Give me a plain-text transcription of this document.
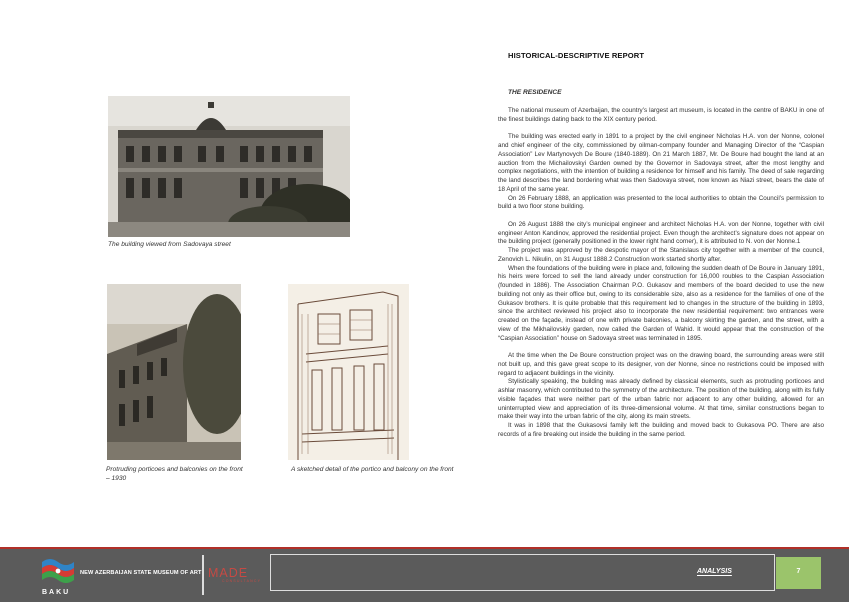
The building viewed from Sadovaya street

Protruding porticoes and balconies on the front – 1930

A sketched detail of the portico and balcony on the front

HISTORICAL-DESCRIPTIVE REPORT
THE RESIDENCE

The national museum of Azerbaijan, the country’s largest art museum, is located in the centre of BAKU in one of the finest buildings dating back to the XIX century period.

The building was erected early in 1891 to a project by the civil engineer Nicholas H.A. von der Nonne, colonel and chief engineer of the city, commissioned by oilman-company founder and Managing Director of the “Caspian Association” Lev Martynovych De Boure (1840-1889). On 21 March 1887, Mr. De Boure had bought the land at an auction from the Michailovskyi Garden owned by the Governor in Sadovaya street, after the most lengthy and complex negotiations, with the intention of building a residence for himself and his family. The deed of sale regarding the land describes the land bordering what was then Sadovaya street, now known as Niazi street, bears the date of 18 April of the same year.

On 26 February 1888, an application was presented to the local authorities to obtain the Council’s permission to build a two floor stone building.

On 26 August 1888 the city’s municipal engineer and architect Nicholas H.A. von der Nonne, together with civil engineer Anton Kandinov, approved the residential project. Even though the architect’s signature does not appear on the building project (generally positioned in the lower right hand corner), it is attributed to N. von der Nonne.1

The project was approved by the despotic mayor of the Stanislaus city together with a member of the council, Zenovich L. Nikulin, on 31 August 1888.2 Construction work started shortly after.

When the foundations of the building were in place and, following the sudden death of De Boure in January 1891, his heirs were forced to sell the land already under construction for 16,000 roubles to the Caspian Association (founded in 1886). The Association Chairman P.O. Gukasov and members of the board decided to use the new building not only as their office but, owing to its considerable size, also as a residence for the families of one of the Gukasov brothers. It is quite probable that this requirement led to changes in the structure of the building in 1893, since the architect reviewed his project also to incorporate the new residential requirement: two entrances were created on the façade, instead of one with private balconies, a balcony skirting the garden, and the street, with a view of the Mikhailovskiy garden, now called the Garden of Wahid. It would appear that the construction of the “Caspian Association” house on Sadovaya street was terminated in 1895.

At the time when the De Boure construction project was on the drawing board, the surrounding areas were still not built up, and this gave great scope to its designer, von der Nonne, since no restrictions could be imposed with regard to adjacent buildings in the vicinity.

Stylistically speaking, the building was already defined by classical elements, such as protruding porticoes and ashlar masonry, which contributed to the symmetry of the architecture. The position of the building, along with its fully visible façades that were neither part of the urban fabric nor adjacent to any other building, allowed for an uninterrupted view and appreciation of its three-dimensional volume. At that time, similar constructions began to make their way into the urban fabric of the city, along its main streets.

It was in 1898 that the Gukasovsi family left the building and moved back to Gukasova PO. There are also records of a fire breaking out inside the building in the same period.

BAKU

NEW AZERBAIJAN STATE MUSEUM OF ART MADE

CONSULTANCY

ANALYSIS	7
